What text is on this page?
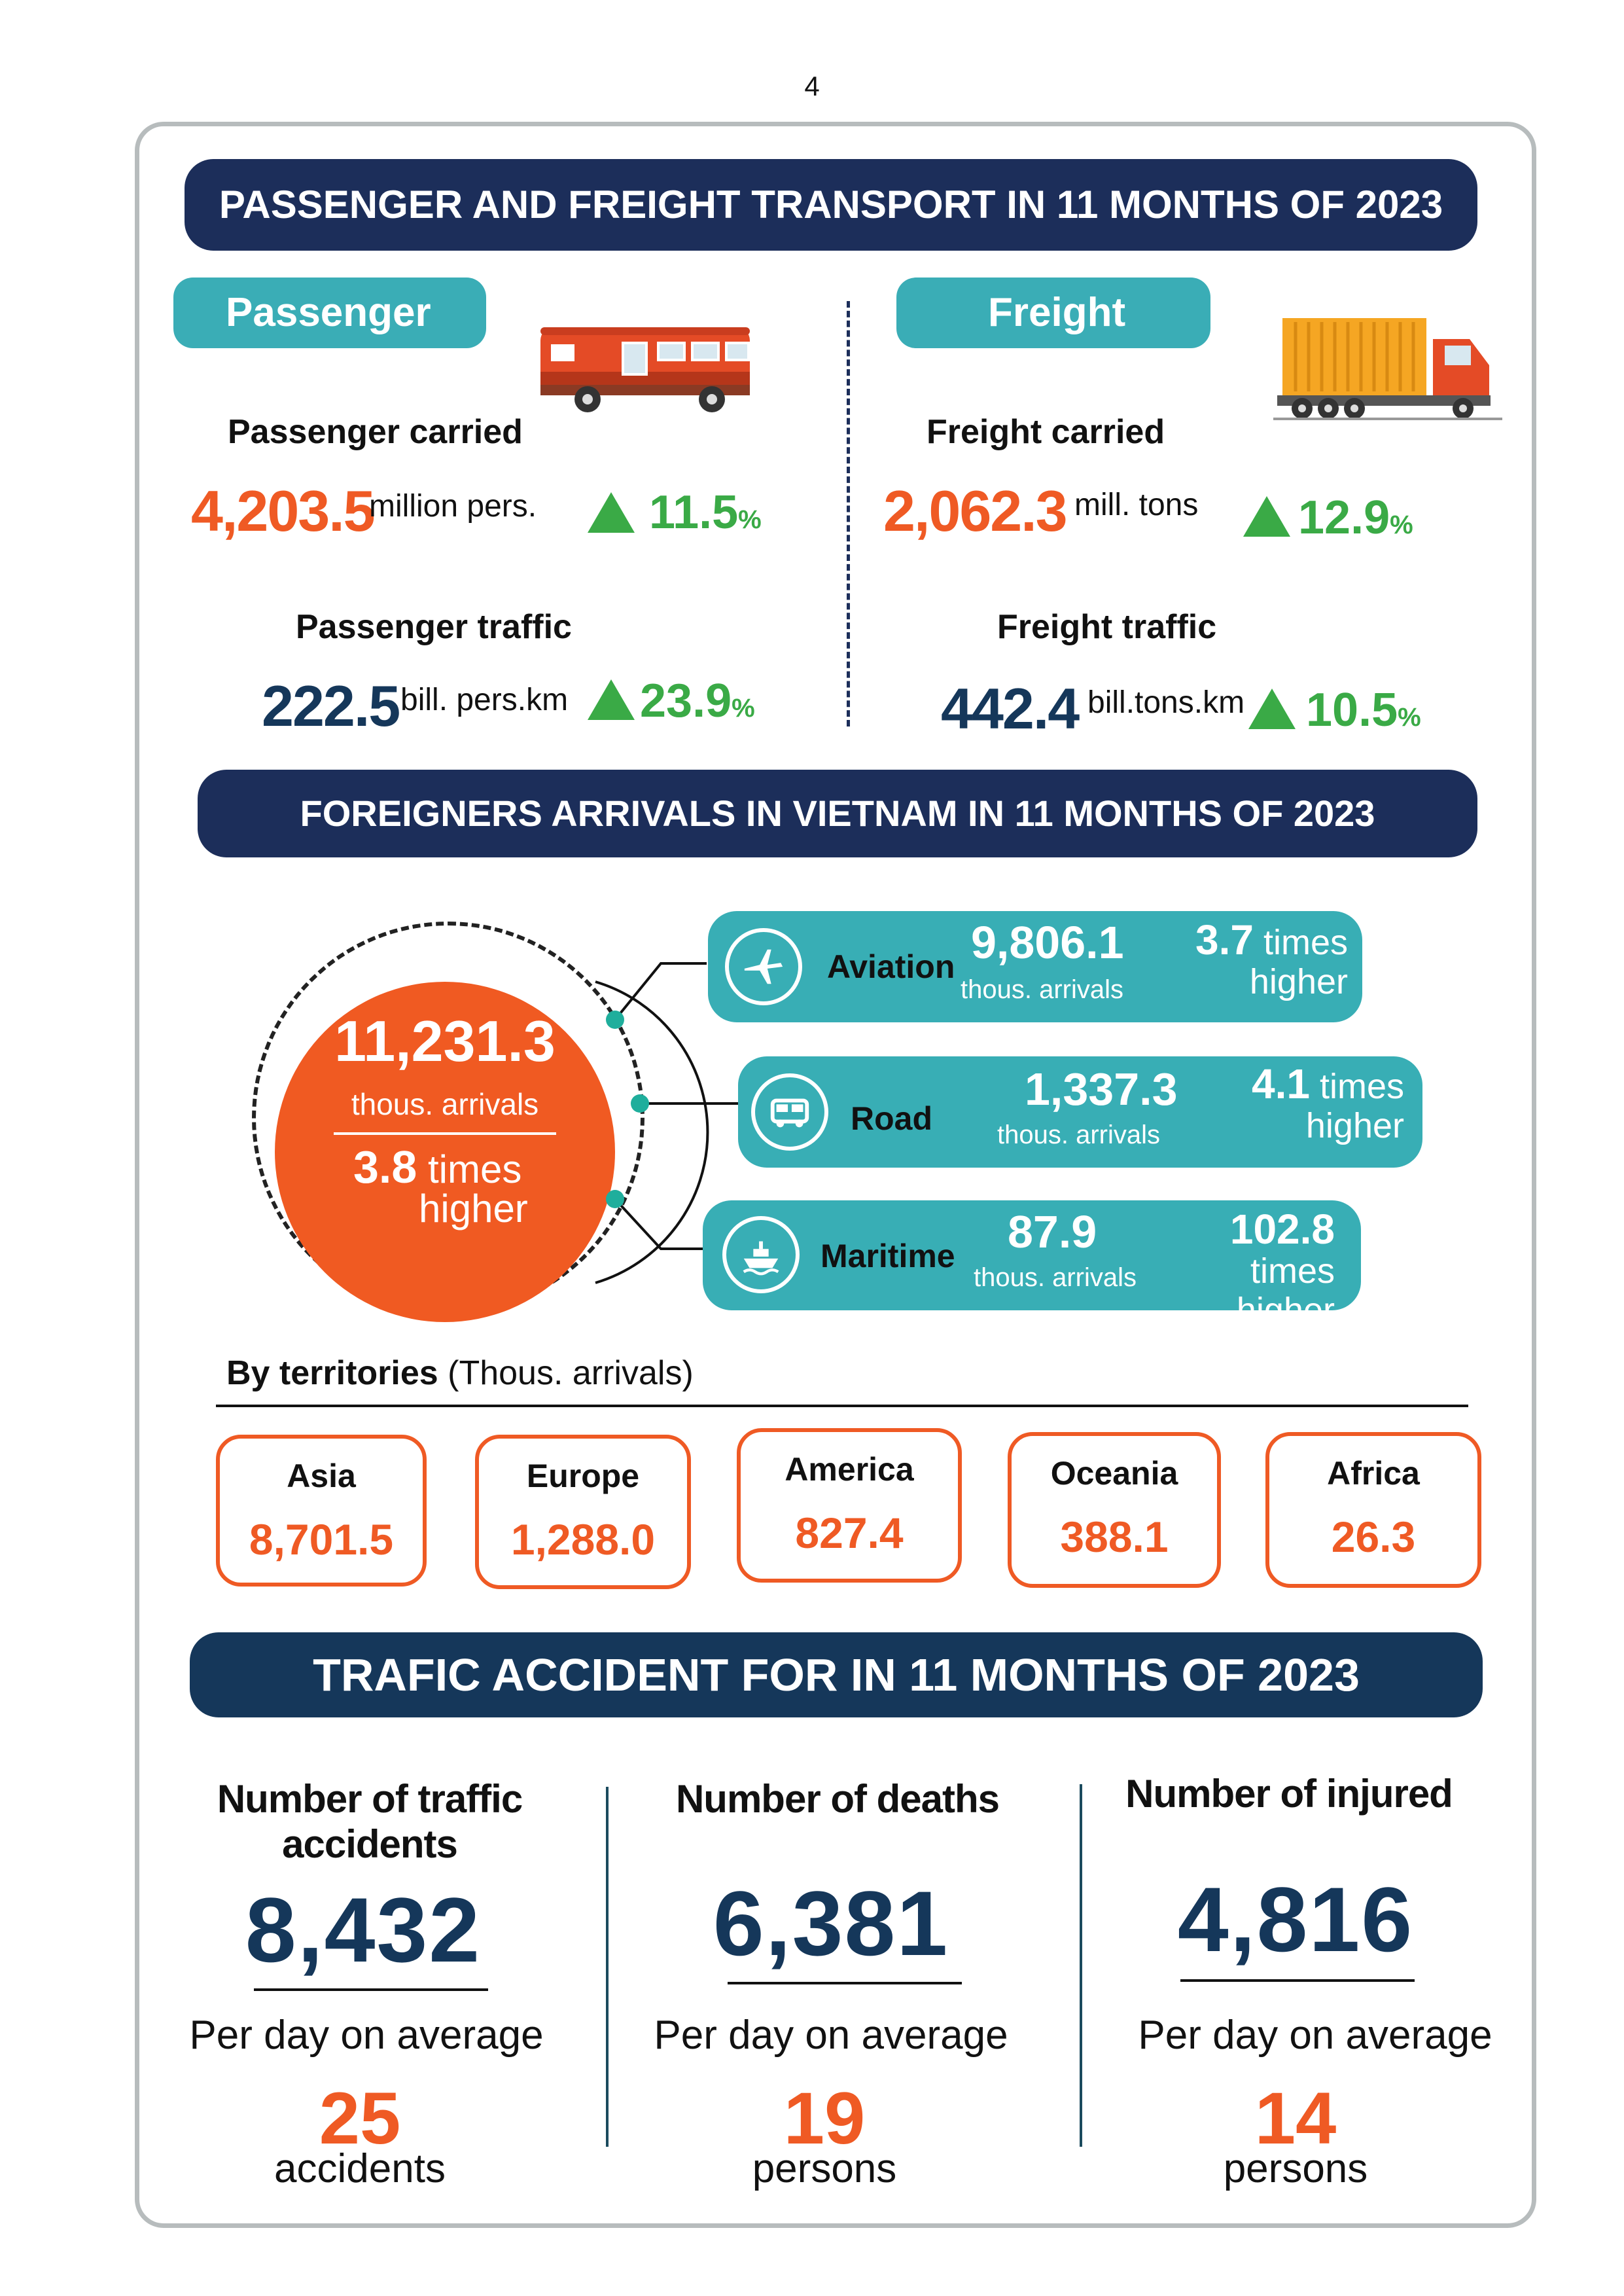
4
PASSENGER AND FREIGHT TRANSPORT IN 11 MONTHS OF 2023
Passenger
Passenger carried
4,203.5
million pers. 11.5%
Passenger traffic
222.5 bill. pers.km 23.9%
Freight
Freight carried
2,062.3 mill. tons 12.9%
Freight traffic
442.4 bill.tons.km 10.5%
FOREIGNERS ARRIVALS IN VIETNAM IN 11 MONTHS OF 2023
11,231.3
thous. arrivals
3.8 times
higher
Aviation 9,806.1
thous. arrivals
3.7 times
higher
Road
1,337.3
thous. arrivals
4.1 times
higher
Maritime 87.9
thous. arrivals
102.8 times
higher
By territories (Thous. arrivals)
Asia
8,701.5
Europe
1,288.0
America
827.4
Oceania
388.1
Africa
26.3
TRAFIC ACCIDENT FOR IN 11 MONTHS OF 2023
Number of traffic accidents
8,432
Per day on average
25
accidents
Number of deaths
6,381
Per day on average
19
persons
Number of injured
4,816
Per day on average
14
persons
